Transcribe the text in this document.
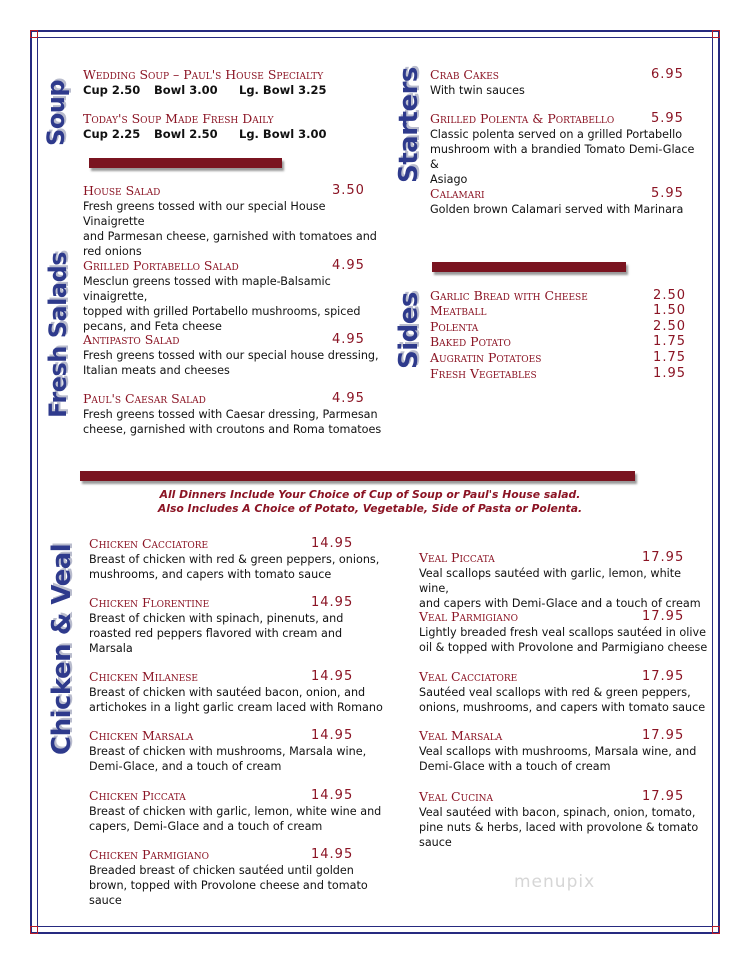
Soup
Fresh Salads
Starters
Sides
Chicken & Veal
Wedding Soup – Paul's House Specialty
Cup 2.50 Bowl 3.00 Lg. Bowl 3.25
Today's Soup Made Fresh Daily
Cup 2.25 Bowl 2.50 Lg. Bowl 3.00
House Salad	3.50
Fresh greens tossed with our special House Vinaigrette
and Parmesan cheese, garnished with tomatoes and
red onions
Grilled Portabello Salad	4.95
Mesclun greens tossed with maple-Balsamic vinaigrette,
topped with grilled Portabello mushrooms, spiced
pecans, and Feta cheese
Antipasto Salad	4.95
Fresh greens tossed with our special house dressing,
Italian meats and cheeses
Paul's Caesar Salad	4.95
Fresh greens tossed with Caesar dressing, Parmesan
cheese, garnished with croutons and Roma tomatoes
Crab Cakes	6.95
With twin sauces
Grilled Polenta & Portabello	5.95
Classic polenta served on a grilled Portabello
mushroom with a brandied Tomato Demi-Glace &
Asiago
Calamari	5.95
Golden brown Calamari served with Marinara
Garlic Bread with Cheese	2.50
Meatball	1.50
Polenta	2.50
Baked Potato	1.75
Augratin Potatoes	1.75
Fresh Vegetables	1.95
All Dinners Include Your Choice of Cup of Soup or Paul's House salad.
Also Includes A Choice of Potato, Vegetable, Side of Pasta or Polenta.
Chicken Cacciatore	14.95
Breast of chicken with red & green peppers, onions,
mushrooms, and capers with tomato sauce
Chicken Florentine	14.95
Breast of chicken with spinach, pinenuts, and
roasted red peppers flavored with cream and
Marsala
Chicken Milanese	14.95
Breast of chicken with sautéed bacon, onion, and
artichokes in a light garlic cream laced with Romano
Chicken Marsala	14.95
Breast of chicken with mushrooms, Marsala wine,
Demi-Glace, and a touch of cream
Chicken Piccata	14.95
Breast of chicken with garlic, lemon, white wine and
capers, Demi-Glace and a touch of cream
Chicken Parmigiano	14.95
Breaded breast of chicken sautéed until golden
brown, topped with Provolone cheese and tomato
sauce
Veal Piccata	17.95
Veal scallops sautéed with garlic, lemon, white wine,
and capers with Demi-Glace and a touch of cream
Veal Parmigiano	17.95
Lightly breaded fresh veal scallops sautéed in olive
oil & topped with Provolone and Parmigiano cheese
Veal Cacciatore	17.95
Sautéed veal scallops with red & green peppers,
onions, mushrooms, and capers with tomato sauce
Veal Marsala	17.95
Veal scallops with mushrooms, Marsala wine, and
Demi-Glace with a touch of cream
Veal Cucina	17.95
Veal sautéed with bacon, spinach, onion, tomato,
pine nuts & herbs, laced with provolone & tomato
sauce
menupix
